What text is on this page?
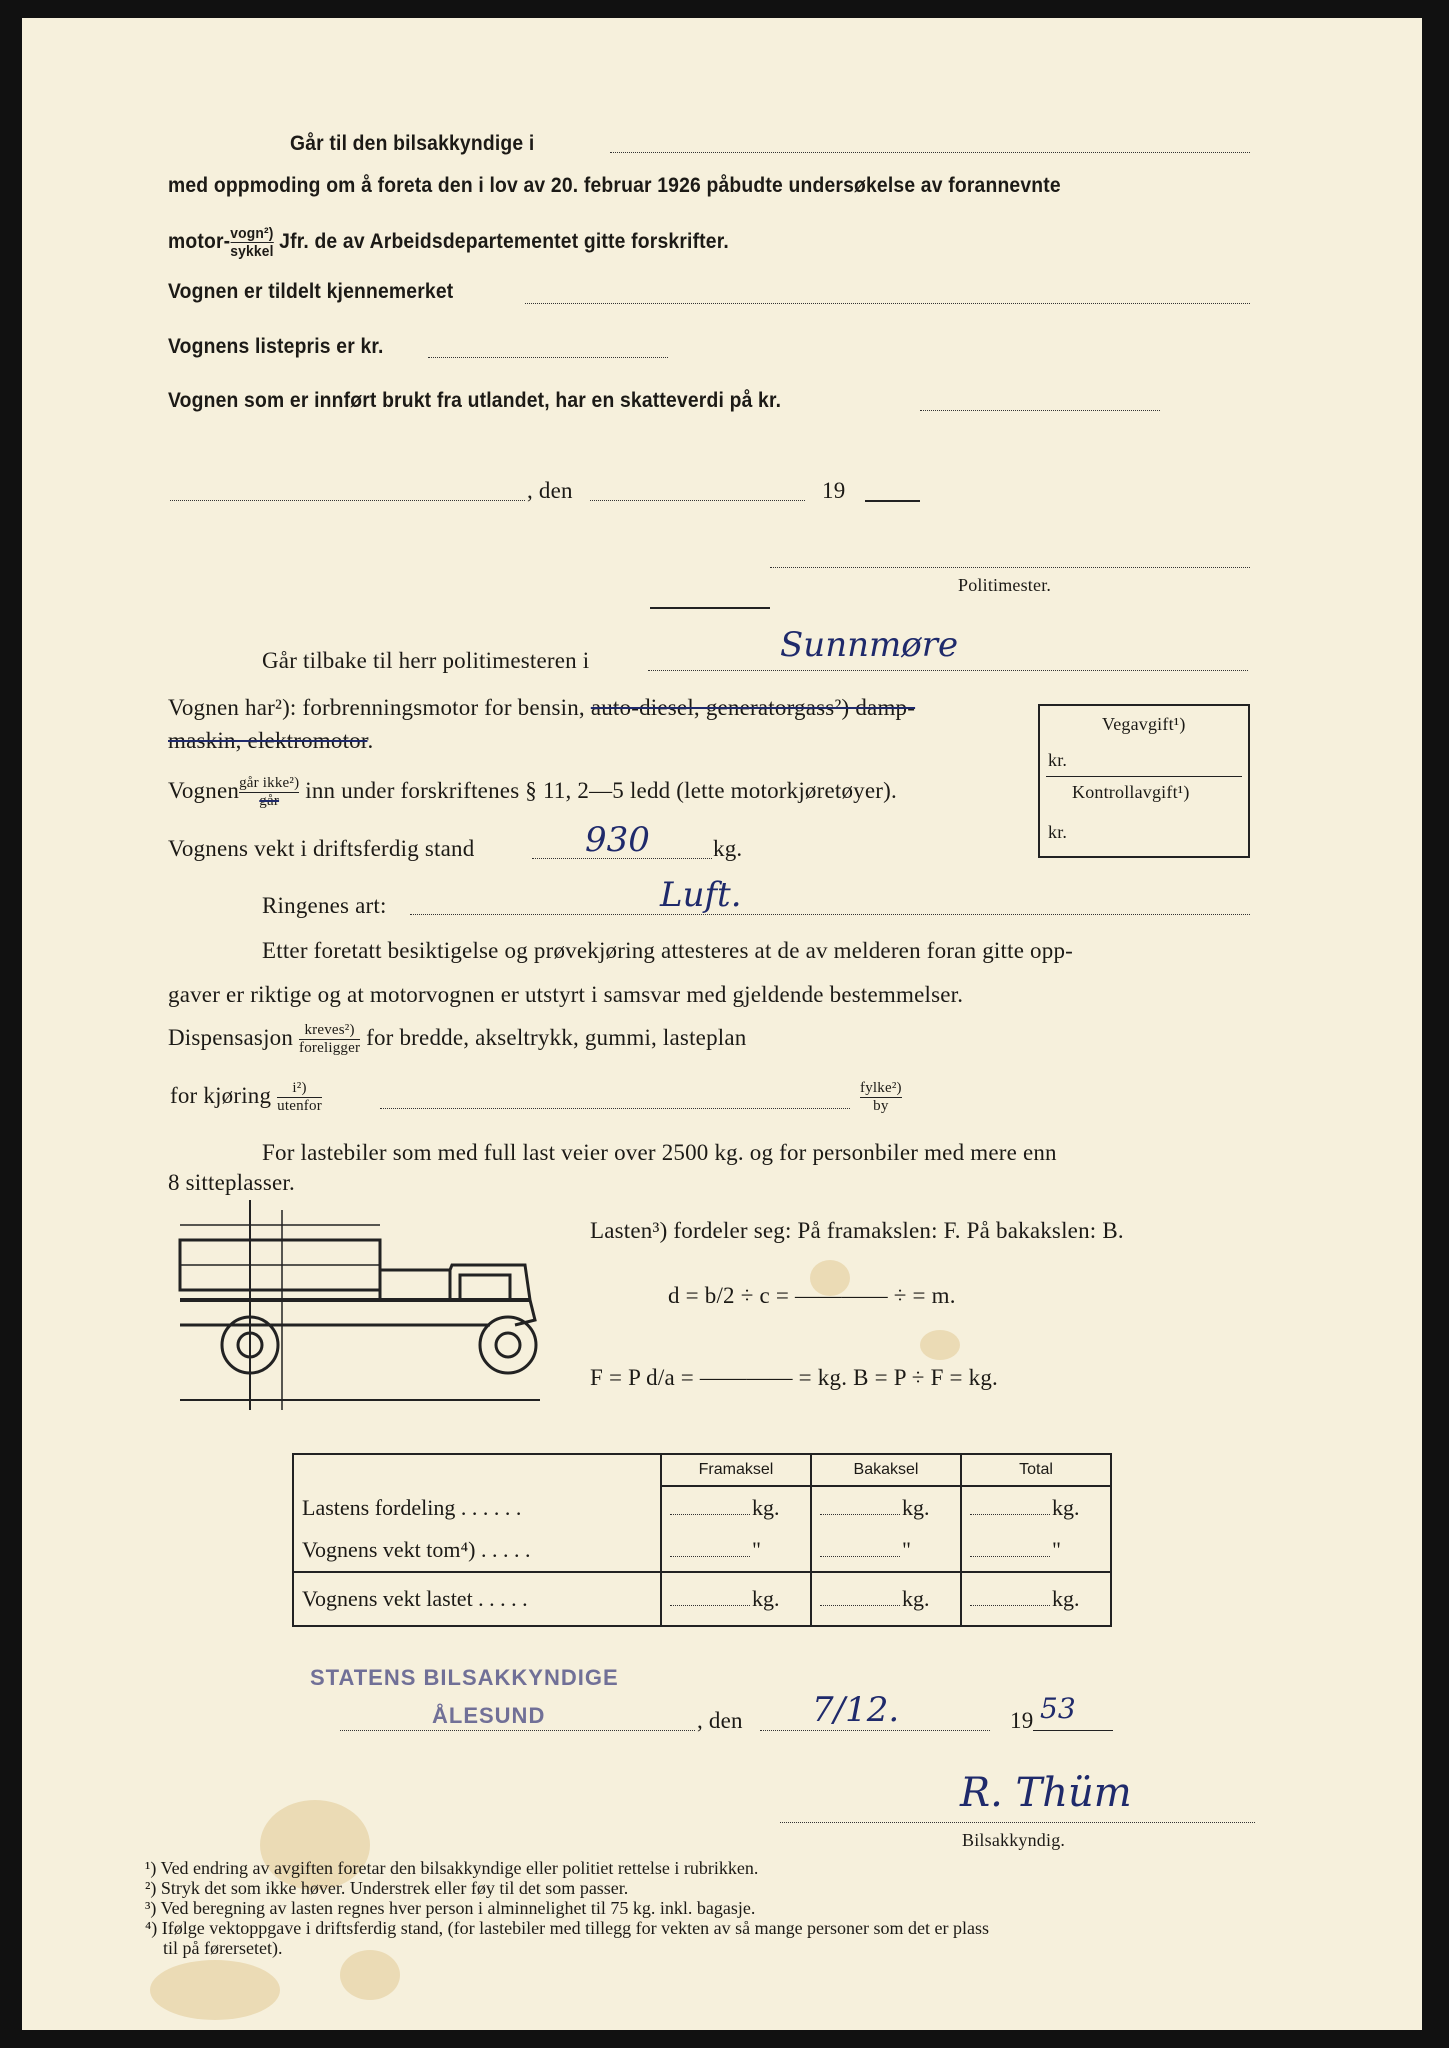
Går til den bilsakkyndige i
med oppmoding om å foreta den i lov av 20. februar 1926 påbudte undersøkelse av forannevnte
motor- $\frac{\text{vogn²)}}{\text{sykkel}}$ Jfr. de av Arbeidsdepartementet gitte forskrifter.
Vognen er tildelt kjennemerket
Vognens listepris er kr.
Vognen som er innført brukt fra utlandet, har en skatteverdi på kr.
, den	19
Politimester.
Går tilbake til herr politimesteren i	Sunnmøre
Vognen har²): forbrenningsmotor for bensin, auto-diesel, generatorgass²) damp-
maskin, elektromotor.
Vegavgift¹)
kr.
Kontrollavgift¹)
kr.
Vognen $\frac{\text{går ikke²)}}{\text{går}}$ inn under forskriftenes § 11, 2—5 ledd (lette motorkjøretøyer).
Vognens vekt i driftsferdig stand	930	kg.
Ringenes art:	Luft.
Etter foretatt besiktigelse og prøvekjøring attesteres at de av melderen foran gitte opp-
gaver er riktige og at motorvognen er utstyrt i samsvar med gjeldende bestemmelser.
Dispensasjon $\frac{\text{kreves²)}}{\text{foreligger}}$ for bredde, akseltrykk, gummi, lasteplan
for kjøring $\frac{\text{i²)}}{\text{utenfor}}$	$\frac{\text{fylke²)}}{by}$
For lastebiler som med full last veier over 2500 kg. og for personbiler med mere enn
8 sitteplasser.
Lasten³) fordeler seg: På framakslen: F. På bakakslen: B.
d = b/2 ÷ c = ———— ÷ = m.
F = P d/a = ———— = kg. B = P ÷ F = kg.
	Framaksel	Bakaksel	Total
Lastens fordeling . . . . . .	kg.	kg.	kg.
Vognens vekt tom⁴) . . . . .	"	"	"
Vognens vekt lastet . . . . .	kg.	kg.	kg.
STATENS BILSAKKYNDIGE
ÅLESUND	, den 7/12.	19 53
R. Thüm
Bilsakkyndig.
¹) Ved endring av avgiften foretar den bilsakkyndige eller politiet rettelse i rubrikken.
²) Stryk det som ikke høver. Understrek eller føy til det som passer.
³) Ved beregning av lasten regnes hver person i alminnelighet til 75 kg. inkl. bagasje.
⁴) Ifølge vektoppgave i driftsferdig stand, (for lastebiler med tillegg for vekten av så mange personer som det er plass
til på førersetet).
